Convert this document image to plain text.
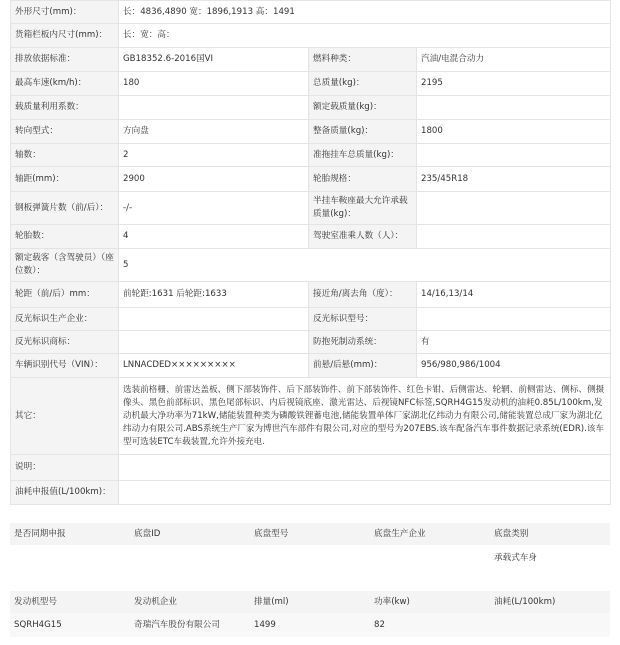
外形尺寸(mm)：	长：4836,4890 宽：1896,1913 高：1491		
货箱栏板内尺寸(mm)：	长：宽：高：		
排放依据标准：	GB18352.6-2016国VI	燃料种类：	汽油/电混合动力
最高车速(km/h)：	180	总质量(kg)：	2195
载质量利用系数：		额定载质量(kg)：	
转向型式：	方向盘	整备质量(kg)：	1800
轴数：	2	准拖挂车总质量(kg)：	
轴距(mm)：	2900	轮胎规格：	235/45R18
钢板弹簧片数（前/后）：	-/-	半挂车鞍座最大允许承载质量(kg)：	
轮胎数：	4	驾驶室准乘人数（人）：	
额定载客（含驾驶员）（座位数）：	5		
轮距（前/后）mm：	前轮距:1631 后轮距:1633	接近角/离去角（度）：	14/16,13/14
反光标识生产企业：		反光标识型号：	
反光标识商标：		防抱死制动系统：	有
车辆识别代号（VIN）：	LNNACDED×××××××××	前悬/后悬(mm)：	956/980,986/1004
其它：	选装前格栅、前雷达盖板、侧下部装饰件、后下部装饰件、前下部装饰件、红色卡钳、后侧雷达、轮辋、前侧雷达、侧标、侧摄像头、黑色前部标识、黑色尾部标识、内后视镜底座、激光雷达、后视镜NFC标签,SQRH4G15发动机的油耗0.85L/100km,发动机最大净功率为71kW,储能装置种类为磷酸铁锂蓄电池,储能装置单体厂家湖北亿纬动力有限公司,储能装置总成厂家为湖北亿纬动力有限公司.ABS系统生产厂家为博世汽车部件有限公司,对应的型号为207EBS.该车配备汽车事件数据记录系统(EDR).该车型可选装ETC车载装置,允许外接充电.		
说明：			
油耗申报值(L/100km)：			
是否同期申报	底盘ID	底盘型号	底盘生产企业	底盘类别
				承载式车身
发动机型号	发动机企业	排量(ml)	功率(kw)	油耗(L/100km)
SQRH4G15	奇瑞汽车股份有限公司	1499	82	
